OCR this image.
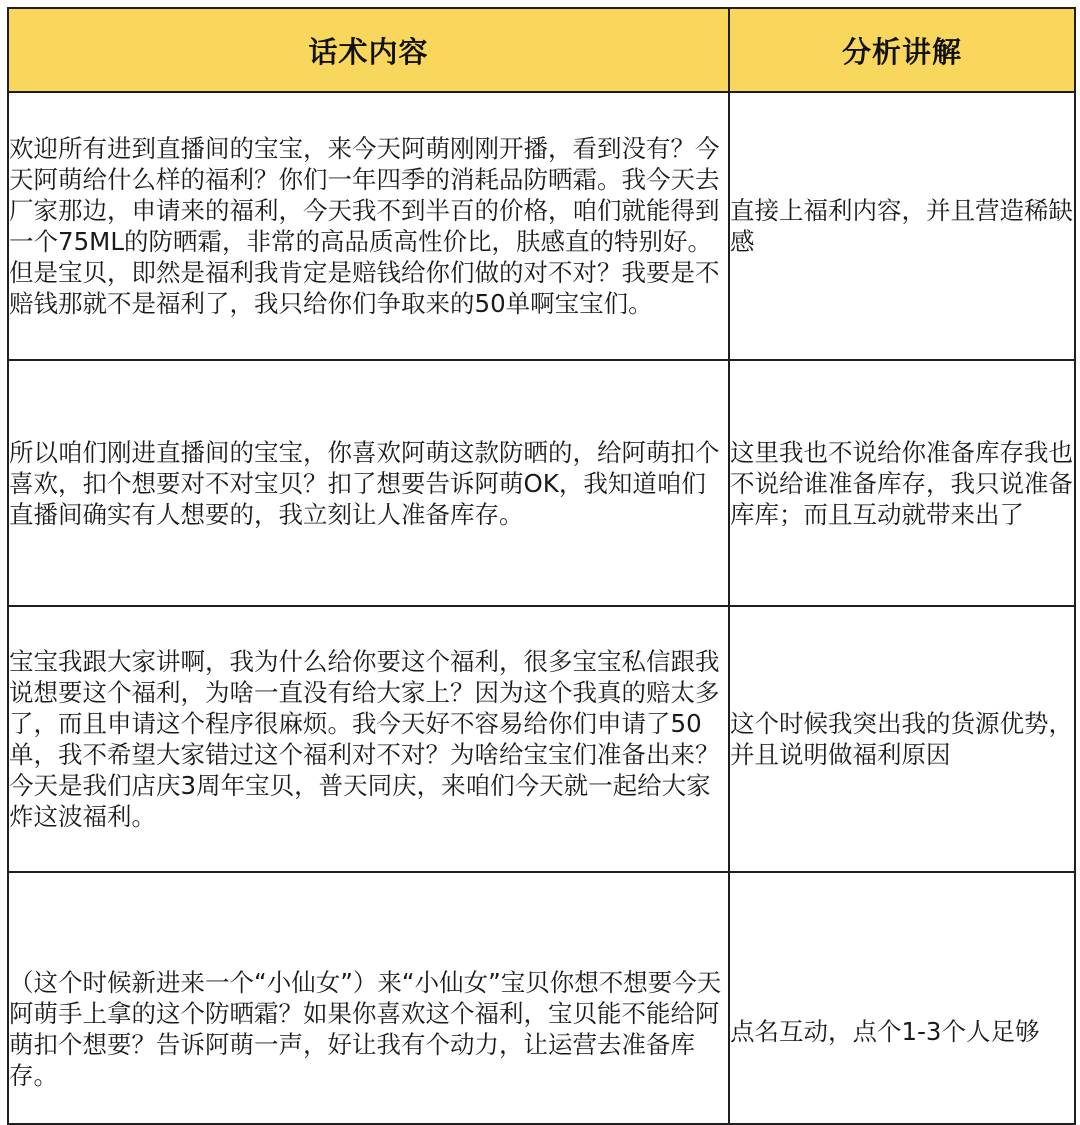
话术内容	分析讲解

欢迎所有进到直播间的宝宝，来今天阿萌刚刚开播，看到没有？今天阿萌给什么样的福利？你们一年四季的消耗品防晒霜。我今天去厂家那边，申请来的福利，今天我不到半百的价格，咱们就能得到一个75ML的防晒霜，非常的高品质高性价比，肤感直的特别好。但是宝贝，即然是福利我肯定是赔钱给你们做的对不对？我要是不赔钱那就不是福利了，我只给你们争取来的50单啊宝宝们。	直接上福利内容，并且营造稀缺感

所以咱们刚进直播间的宝宝，你喜欢阿萌这款防晒的，给阿萌扣个喜欢，扣个想要对不对宝贝？扣了想要告诉阿萌OK，我知道咱们直播间确实有人想要的，我立刻让人准备库存。	这里我也不说给你准备库存我也不说给谁准备库存，我只说准备库库；而且互动就带来出了

宝宝我跟大家讲啊，我为什么给你要这个福利，很多宝宝私信跟我说想要这个福利，为啥一直没有给大家上？因为这个我真的赔太多了，而且申请这个程序很麻烦。我今天好不容易给你们申请了50单，我不希望大家错过这个福利对不对？为啥给宝宝们准备出来？今天是我们店庆3周年宝贝，普天同庆，来咱们今天就一起给大家炸这波福利。	这个时候我突出我的货源优势，并且说明做福利原因

（这个时候新进来一个“小仙女”）来“小仙女”宝贝你想不想要今天阿萌手上拿的这个防晒霜？如果你喜欢这个福利，宝贝能不能给阿萌扣个想要？告诉阿萌一声，好让我有个动力，让运营去准备库存。	点名互动，点个1-3个人足够
